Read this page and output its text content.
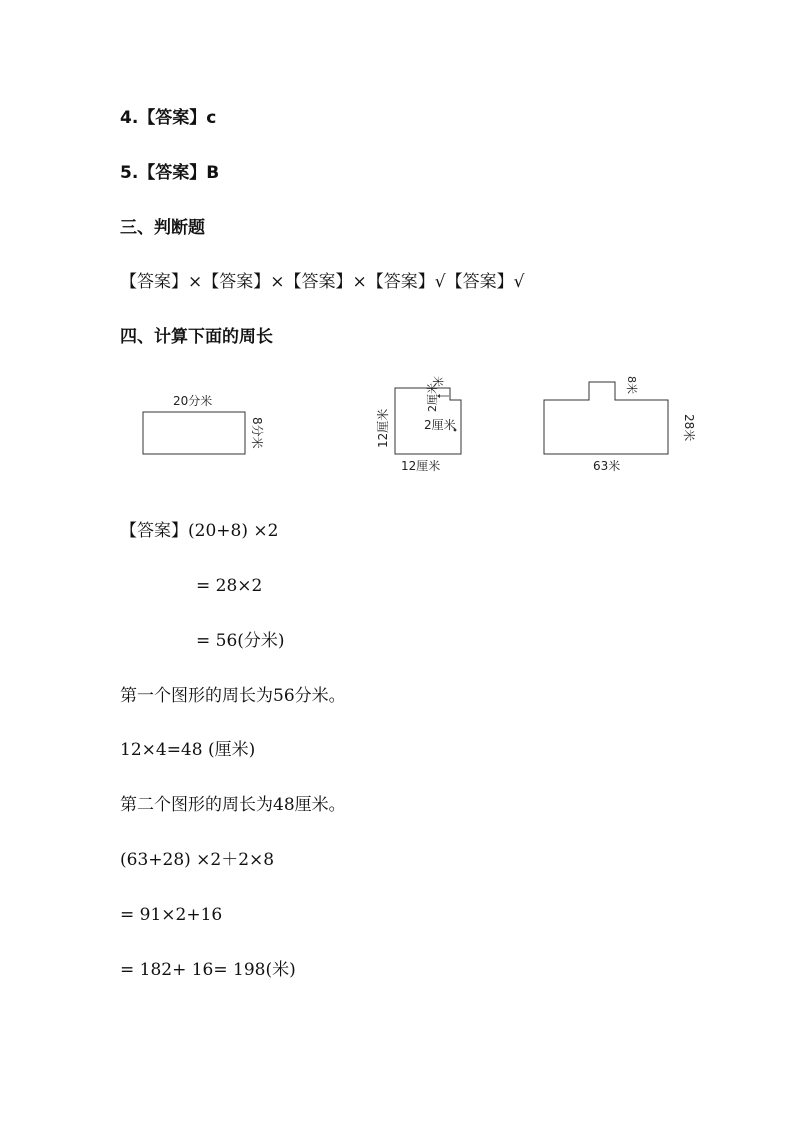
4.【答案】c
5.【答案】B
三、判断题
【答案】×【答案】×【答案】×【答案】√【答案】√
四、计算下面的周长
20分米
8分米	12厘米
12厘米
2厘米
2厘米
米
63米
28米
8米
【答案】(20+8) ×2
= 28×2
= 56(分米)
第一个图形的周长为56分米。
12×4=48 (厘米)
第二个图形的周长为48厘米。
(63+28) ×2＋2×8
= 91×2+16
= 182+ 16= 198(米)
